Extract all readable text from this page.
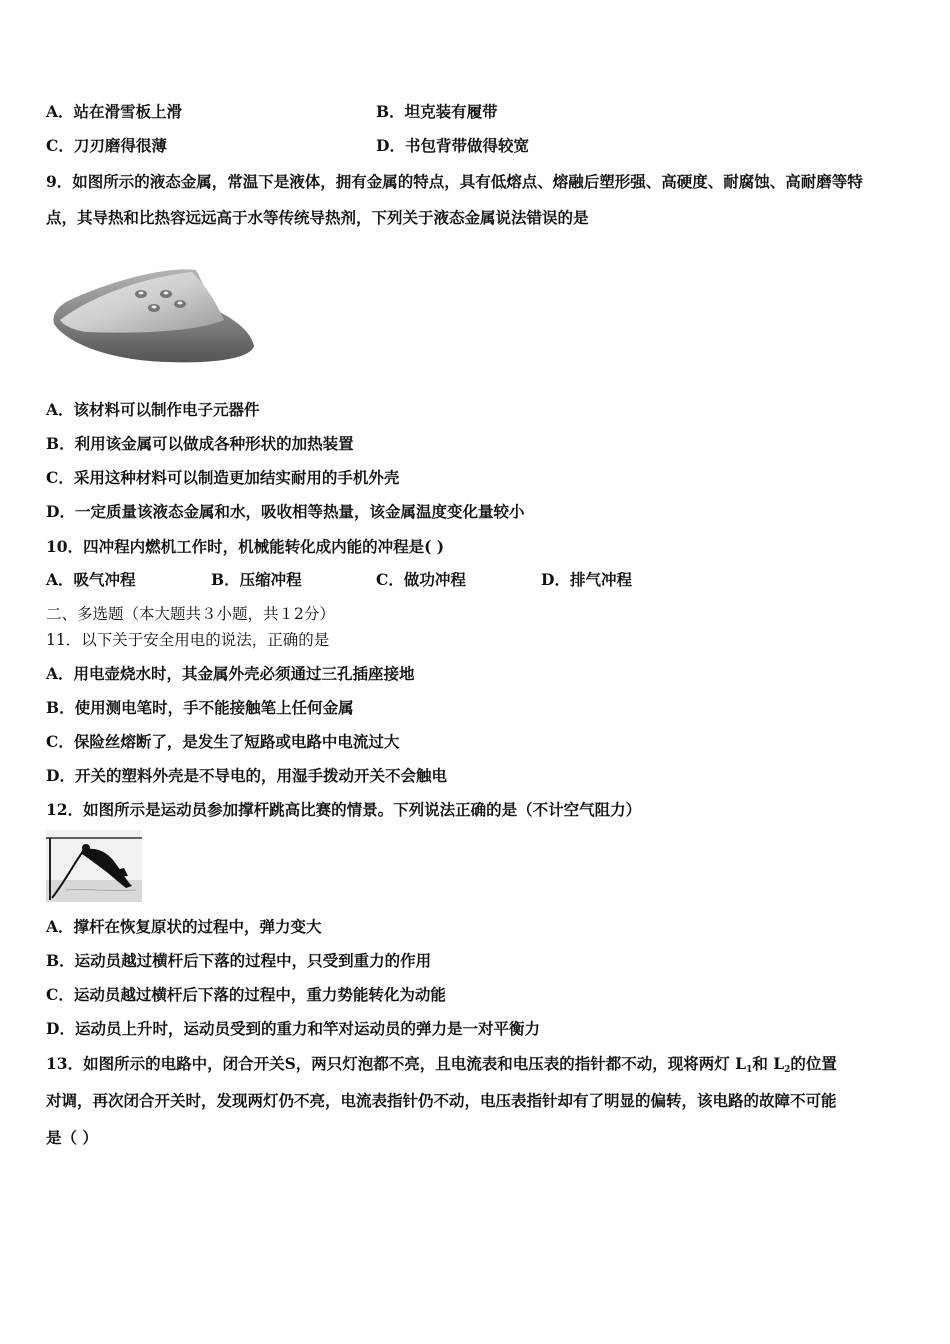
A．站在滑雪板上滑	B．坦克装有履带
C．刀刃磨得很薄	D．书包背带做得较宽
9．如图所示的液态金属，常温下是液体，拥有金属的特点，具有低熔点、熔融后塑形强、高硬度、耐腐蚀、高耐磨等特
点，其导热和比热容远远高于水等传统导热剂，下列关于液态金属说法错误的是
A．该材料可以制作电子元器件
B．利用该金属可以做成各种形状的加热装置
C．采用这种材料可以制造更加结实耐用的手机外壳
D．一定质量该液态金属和水，吸收相等热量，该金属温度变化量较小
10．四冲程内燃机工作时，机械能转化成内能的冲程是( )
A．吸气冲程	B．压缩冲程	C．做功冲程	D．排气冲程
二、多选题（本大题共３小题，共１2分）
11．以下关于安全用电的说法，正确的是
A．用电壶烧水时，其金属外壳必须通过三孔插座接地
B．使用测电笔时，手不能接触笔上任何金属
C．保险丝熔断了，是发生了短路或电路中电流过大
D．开关的塑料外壳是不导电的，用湿手拨动开关不会触电
12．如图所示是运动员参加撑杆跳高比赛的情景。下列说法正确的是（不计空气阻力）
A．撑杆在恢复原状的过程中，弹力变大
B．运动员越过横杆后下落的过程中，只受到重力的作用
C．运动员越过横杆后下落的过程中，重力势能转化为动能
D．运动员上升时，运动员受到的重力和竿对运动员的弹力是一对平衡力
13．如图所示的电路中，闭合开关S，两只灯泡都不亮，且电流表和电压表的指针都不动，现将两灯 $L_1$和 $L_2$的位置
对调，再次闭合开关时，发现两灯仍不亮，电流表指针仍不动，电压表指针却有了明显的偏转，该电路的故障不可能
是（ ）
